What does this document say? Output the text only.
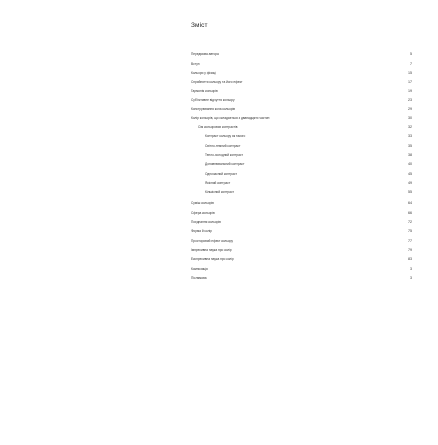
Зміст
Передмова автора	5
Вступ	7
Кольори у фізиці	15
Сприйняття кольору та його ефект	17
Гармонія кольорів	19
Суб'єктивне відчуття кольору	23
Конструювання кола кольорів	29
Колір кольорів, що складається з дванадцяти частин	30
Сім кольорових контрастів	32
Контраст кольору як такого	33
Світло-темний контраст	35
Тепло-холодний контраст	38
Доповнювальний контраст	40
Одночасний контраст	45
Якісний контраст	49
Кількісний контраст	55
Суміш кольорів	64
Сфера кольорів	66
Поєднання кольорів	72
Форма й колір	75
Просторовий ефект кольору	77
Імпресивна наука про колір	79
Експресивна наука про колір	83
Композиція	3
Післямова	3
